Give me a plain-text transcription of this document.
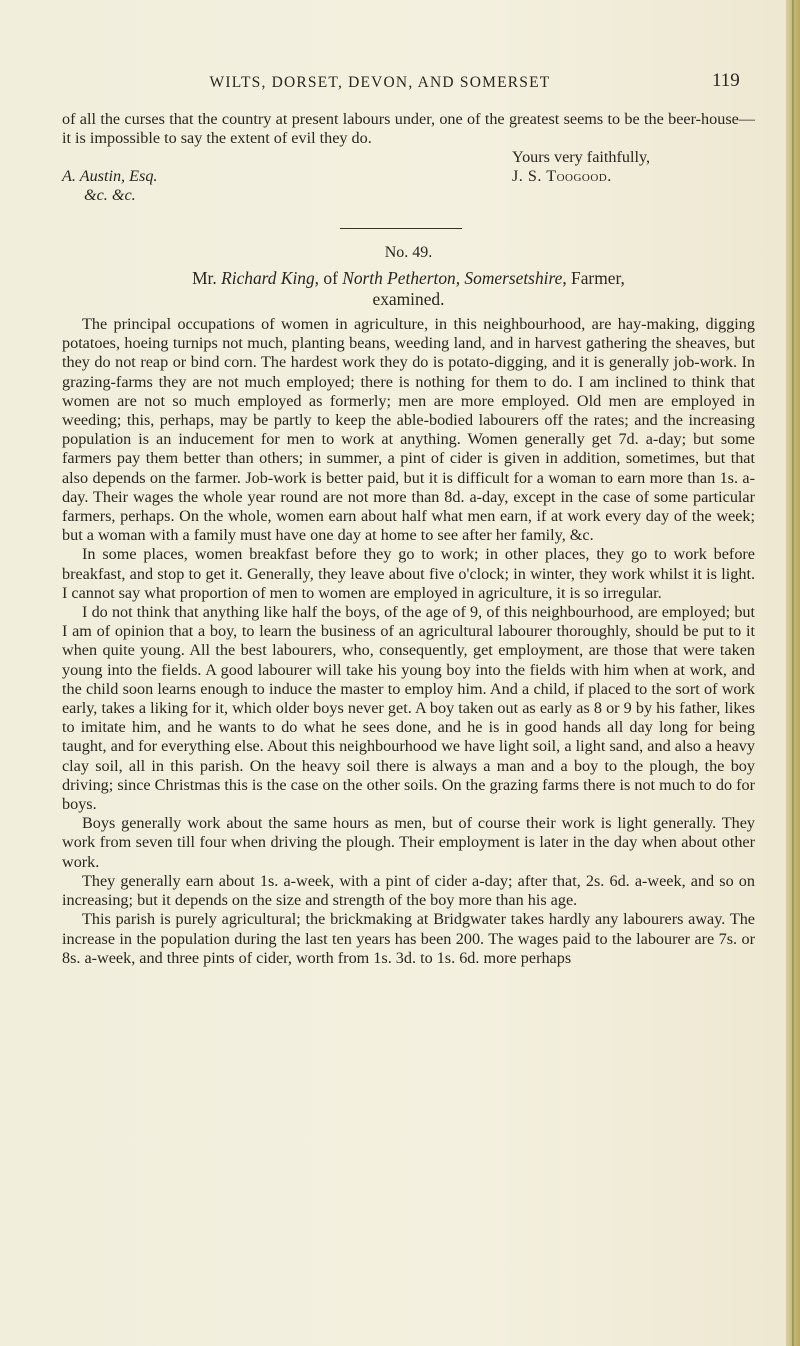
WILTS, DORSET, DEVON, AND SOMERSET	119

of all the curses that the country at present labours under, one of the greatest seems to be the beer-house—it is impossible to say the extent of evil they do.

Yours very faithfully,
A. Austin, Esq.	J. S. Toogood.
&c. &c.
No. 49.
Mr. Richard King, of North Petherton, Somersetshire, Farmer,
examined.

The principal occupations of women in agriculture, in this neighbourhood, are hay-making, digging potatoes, hoeing turnips not much, planting beans, weeding land, and in harvest gathering the sheaves, but they do not reap or bind corn. The hardest work they do is potato-digging, and it is generally job-work. In grazing-farms they are not much employed; there is nothing for them to do. I am inclined to think that women are not so much employed as formerly; men are more employed. Old men are employed in weeding; this, perhaps, may be partly to keep the able-bodied labourers off the rates; and the increasing population is an inducement for men to work at anything. Women generally get 7d. a-day; but some farmers pay them better than others; in summer, a pint of cider is given in addition, sometimes, but that also depends on the farmer. Job-work is better paid, but it is difficult for a woman to earn more than 1s. a-day. Their wages the whole year round are not more than 8d. a-day, except in the case of some particular farmers, perhaps. On the whole, women earn about half what men earn, if at work every day of the week; but a woman with a family must have one day at home to see after her family, &c.

In some places, women breakfast before they go to work; in other places, they go to work before breakfast, and stop to get it. Generally, they leave about five o'clock; in winter, they work whilst it is light. I cannot say what proportion of men to women are employed in agriculture, it is so irregular.

I do not think that anything like half the boys, of the age of 9, of this neighbourhood, are employed; but I am of opinion that a boy, to learn the business of an agricultural labourer thoroughly, should be put to it when quite young. All the best labourers, who, consequently, get employment, are those that were taken young into the fields. A good labourer will take his young boy into the fields with him when at work, and the child soon learns enough to induce the master to employ him. And a child, if placed to the sort of work early, takes a liking for it, which older boys never get. A boy taken out as early as 8 or 9 by his father, likes to imitate him, and he wants to do what he sees done, and he is in good hands all day long for being taught, and for everything else. About this neighbourhood we have light soil, a light sand, and also a heavy clay soil, all in this parish. On the heavy soil there is always a man and a boy to the plough, the boy driving; since Christmas this is the case on the other soils. On the grazing farms there is not much to do for boys.

Boys generally work about the same hours as men, but of course their work is light generally. They work from seven till four when driving the plough. Their employment is later in the day when about other work.

They generally earn about 1s. a-week, with a pint of cider a-day; after that, 2s. 6d. a-week, and so on increasing; but it depends on the size and strength of the boy more than his age.

This parish is purely agricultural; the brickmaking at Bridgwater takes hardly any labourers away. The increase in the population during the last ten years has been 200. The wages paid to the labourer are 7s. or 8s. a-week, and three pints of cider, worth from 1s. 3d. to 1s. 6d. more perhaps
